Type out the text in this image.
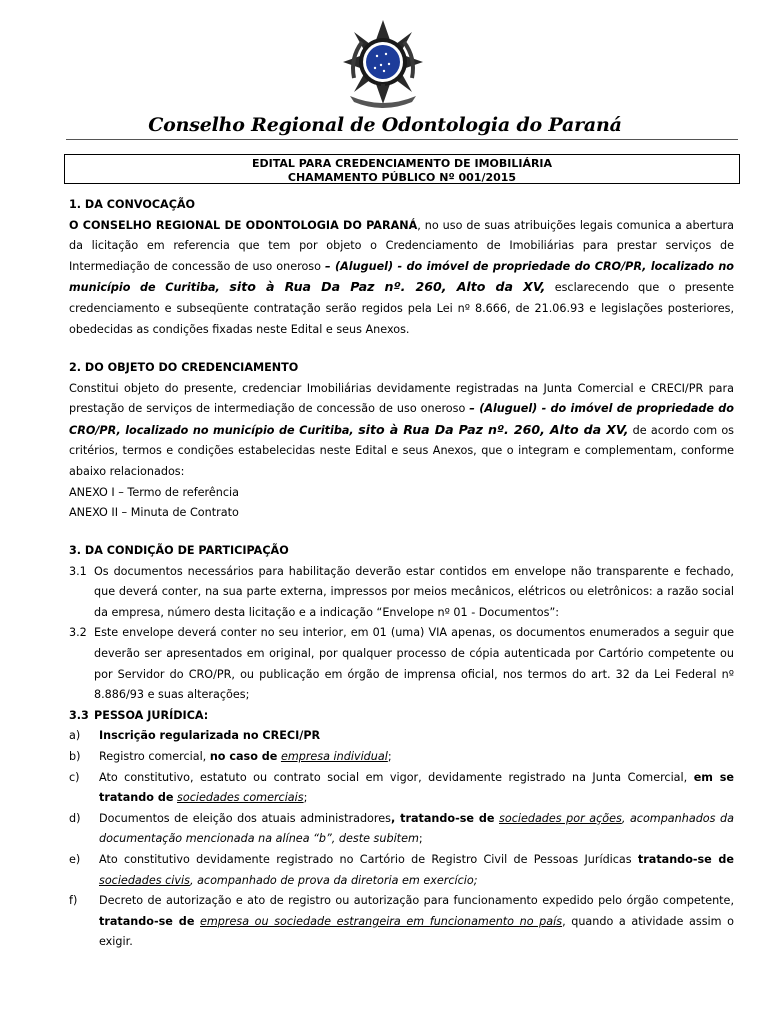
Conselho Regional de Odontologia do Paraná
EDITAL PARA CREDENCIAMENTO DE IMOBILIÁRIA
CHAMAMENTO PÚBLICO Nº 001/2015

1. DA CONVOCAÇÃO

O CONSELHO REGIONAL DE ODONTOLOGIA DO PARANÁ, no uso de suas atribuições legais comunica a abertura da licitação em referencia que tem por objeto o Credenciamento de Imobiliárias para prestar serviços de Intermediação de concessão de uso oneroso – (Aluguel) - do imóvel de propriedade do CRO/PR, localizado no município de Curitiba, sito à Rua Da Paz nº. 260, Alto da XV, esclarecendo que o presente credenciamento e subseqüente contratação serão regidos pela Lei nº 8.666, de 21.06.93 e legislações posteriores, obedecidas as condições fixadas neste Edital e seus Anexos.

2. DO OBJETO DO CREDENCIAMENTO

Constitui objeto do presente, credenciar Imobiliárias devidamente registradas na Junta Comercial e CRECI/PR para prestação de serviços de intermediação de concessão de uso oneroso – (Aluguel) - do imóvel de propriedade do CRO/PR, localizado no município de Curitiba, sito à Rua Da Paz nº. 260, Alto da XV, de acordo com os critérios, termos e condições estabelecidas neste Edital e seus Anexos, que o integram e complementam, conforme abaixo relacionados:

ANEXO I – Termo de referência

ANEXO II – Minuta de Contrato

3. DA CONDIÇÃO DE PARTICIPAÇÃO

3.1 Os documentos necessários para habilitação deverão estar contidos em envelope não transparente e fechado, que deverá conter, na sua parte externa, impressos por meios mecânicos, elétricos ou eletrônicos: a razão social da empresa, número desta licitação e a indicação “Envelope nº 01 - Documentos”:

3.2 Este envelope deverá conter no seu interior, em 01 (uma) VIA apenas, os documentos enumerados a seguir que deverão ser apresentados em original, por qualquer processo de cópia autenticada por Cartório competente ou por Servidor do CRO/PR, ou publicação em órgão de imprensa oficial, nos termos do art. 32 da Lei Federal nº 8.886/93 e suas alterações;

3.3 PESSOA JURÍDICA:

a) Inscrição regularizada no CRECI/PR

b) Registro comercial, no caso de empresa individual;

c) Ato constitutivo, estatuto ou contrato social em vigor, devidamente registrado na Junta Comercial, em se tratando de sociedades comerciais;

d) Documentos de eleição dos atuais administradores, tratando-se de sociedades por ações, acompanhados da documentação mencionada na alínea “b”, deste subitem;

e) Ato constitutivo devidamente registrado no Cartório de Registro Civil de Pessoas Jurídicas tratando-se de sociedades civis, acompanhado de prova da diretoria em exercício;

f) Decreto de autorização e ato de registro ou autorização para funcionamento expedido pelo órgão competente, tratando-se de empresa ou sociedade estrangeira em funcionamento no país, quando a atividade assim o exigir.
